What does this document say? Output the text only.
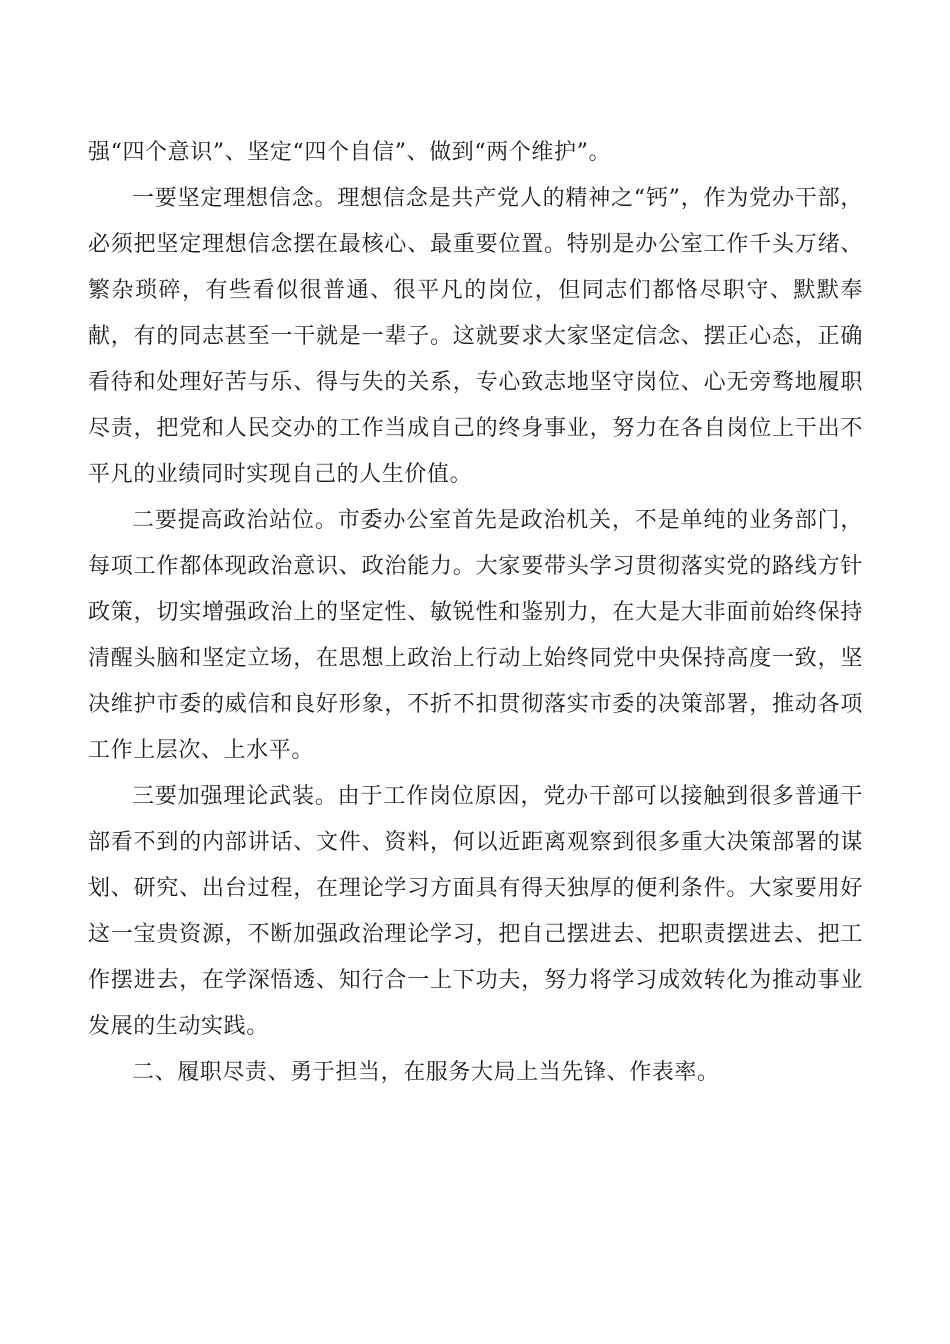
强“四个意识”、坚定“四个自信”、做到“两个维护”。

一要坚定理想信念。理想信念是共产党人的精神之“钙”，作为党办干部，必须把坚定理想信念摆在最核心、最重要位置。特别是办公室工作千头万绪、繁杂琐碎，有些看似很普通、很平凡的岗位，但同志们都恪尽职守、默默奉献，有的同志甚至一干就是一辈子。这就要求大家坚定信念、摆正心态，正确看待和处理好苦与乐、得与失的关系，专心致志地坚守岗位、心无旁骛地履职尽责，把党和人民交办的工作当成自己的终身事业，努力在各自岗位上干出不平凡的业绩同时实现自己的人生价值。

二要提高政治站位。市委办公室首先是政治机关，不是单纯的业务部门，每项工作都体现政治意识、政治能力。大家要带头学习贯彻落实党的路线方针政策，切实增强政治上的坚定性、敏锐性和鉴别力，在大是大非面前始终保持清醒头脑和坚定立场，在思想上政治上行动上始终同党中央保持高度一致，坚决维护市委的威信和良好形象，不折不扣贯彻落实市委的决策部署，推动各项工作上层次、上水平。

三要加强理论武装。由于工作岗位原因，党办干部可以接触到很多普通干部看不到的内部讲话、文件、资料，何以近距离观察到很多重大决策部署的谋划、研究、出台过程，在理论学习方面具有得天独厚的便利条件。大家要用好这一宝贵资源，不断加强政治理论学习，把自己摆进去、把职责摆进去、把工作摆进去，在学深悟透、知行合一上下功夫，努力将学习成效转化为推动事业发展的生动实践。

二、履职尽责、勇于担当，在服务大局上当先锋、作表率。
